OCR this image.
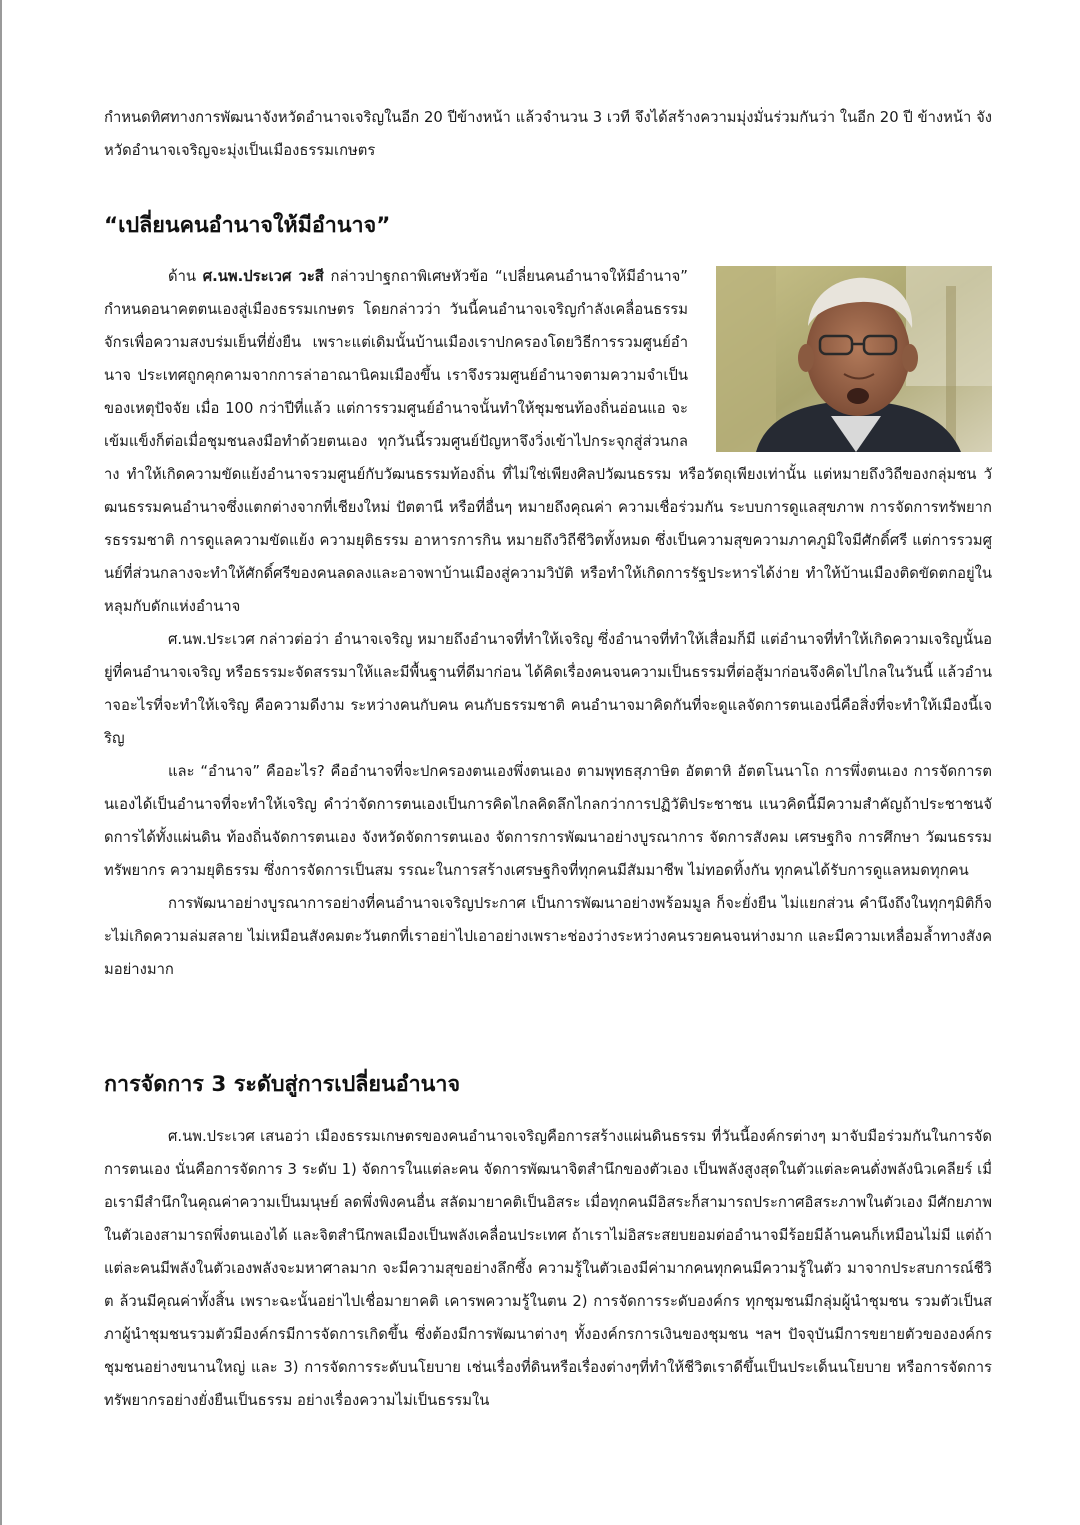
กำหนดทิศทางการพัฒนาจังหวัดอำนาจเจริญในอีก 20 ปีข้างหน้า แล้วจำนวน 3 เวที จึงได้สร้างความมุ่งมั่นร่วมกันว่า ในอีก 20 ปี ข้างหน้า จังหวัดอำนาจเจริญจะมุ่งเป็นเมืองธรรมเกษตร

“เปลี่ยนคนอำนาจให้มีอำนาจ”

ด้าน ศ.นพ.ประเวศ วะสี กล่าวปาฐกถาพิเศษหัวข้อ “เปลี่ยนคนอำนาจให้มีอำนาจ” กำหนดอนาคตตนเองสู่เมืองธรรมเกษตร โดยกล่าวว่า วันนี้คนอำนาจเจริญกำลังเคลื่อนธรรมจักรเพื่อความสงบร่มเย็นที่ยั่งยืน เพราะแต่เดิมนั้นบ้านเมืองเราปกครองโดยวิธีการรวมศูนย์อำนาจ ประเทศถูกคุกคามจากการล่าอาณานิคมเมืองขึ้น เราจึงรวมศูนย์อำนาจตามความจำเป็นของเหตุปัจจัย เมื่อ 100 กว่าปีที่แล้ว แต่การรวมศูนย์อำนาจนั้นทำให้ชุมชนท้องถิ่นอ่อนแอ จะเข้มแข็งก็ต่อเมื่อชุมชนลงมือทำด้วยตนเอง ทุกวันนี้รวมศูนย์ปัญหาจึงวิ่งเข้าไปกระจุกสู่ส่วนกลาง ทำให้เกิดความขัดแย้งอำนาจรวมศูนย์กับวัฒนธรรมท้องถิ่น ที่ไม่ใช่เพียงศิลปวัฒนธรรม หรือวัตถุเพียงเท่านั้น แต่หมายถึงวิถีของกลุ่มชน วัฒนธรรมคนอำนาจซึ่งแตกต่างจากที่เชียงใหม่ ปัตตานี หรือที่อื่นๆ หมายถึงคุณค่า ความเชื่อร่วมกัน ระบบการดูแลสุขภาพ การจัดการทรัพยากรธรรมชาติ การดูแลความขัดแย้ง ความยุติธรรม อาหารการกิน หมายถึงวิถีชีวิตทั้งหมด ซึ่งเป็นความสุขความภาคภูมิใจมีศักดิ์ศรี แต่การรวมศูนย์ที่ส่วนกลางจะทำให้ศักดิ์ศรีของคนลดลงและอาจพาบ้านเมืองสู่ความวิบัติ หรือทำให้เกิดการรัฐประหารได้ง่าย ทำให้บ้านเมืองติดขัดตกอยู่ในหลุมกับดักแห่งอำนาจ

ศ.นพ.ประเวศ กล่าวต่อว่า อำนาจเจริญ หมายถึงอำนาจที่ทำให้เจริญ ซึ่งอำนาจที่ทำให้เสื่อมก็มี แต่อำนาจที่ทำให้เกิดความเจริญนั้นอยู่ที่คนอำนาจเจริญ หรือธรรมะจัดสรรมาให้และมีพื้นฐานที่ดีมาก่อน ได้คิดเรื่องคนจนความเป็นธรรมที่ต่อสู้มาก่อนจึงคิดไปไกลในวันนี้ แล้วอำนาจอะไรที่จะทำให้เจริญ คือความดีงาม ระหว่างคนกับคน คนกับธรรมชาติ คนอำนาจมาคิดกันที่จะดูแลจัดการตนเองนี่คือสิ่งที่จะทำให้เมืองนี้เจริญ

และ “อำนาจ” คืออะไร? คืออำนาจที่จะปกครองตนเองพึ่งตนเอง ตามพุทธสุภาษิต อัตตาหิ อัตตโนนาโถ การพึ่งตนเอง การจัดการตนเองได้เป็นอำนาจที่จะทำให้เจริญ คำว่าจัดการตนเองเป็นการคิดไกลคิดลึกไกลกว่าการปฏิวัติประชาชน แนวคิดนี้มีความสำคัญถ้าประชาชนจัดการได้ทั้งแผ่นดิน ท้องถิ่นจัดการตนเอง จังหวัดจัดการตนเอง จัดการการพัฒนาอย่างบูรณาการ จัดการสังคม เศรษฐกิจ การศึกษา วัฒนธรรม ทรัพยากร ความยุติธรรม ซึ่งการจัดการเป็นสม รรณะในการสร้างเศรษฐกิจที่ทุกคนมีสัมมาชีพ ไม่ทอดทิ้งกัน ทุกคนได้รับการดูแลหมดทุกคน

การพัฒนาอย่างบูรณาการอย่างที่คนอำนาจเจริญประกาศ เป็นการพัฒนาอย่างพร้อมมูล ก็จะยั่งยืน ไม่แยกส่วน คำนึงถึงในทุกๆมิติก็จะไม่เกิดความล่มสลาย ไม่เหมือนสังคมตะวันตกที่เราอย่าไปเอาอย่างเพราะช่องว่างระหว่างคนรวยคนจนห่างมาก และมีความเหลื่อมล้ำทางสังคมอย่างมาก

การจัดการ 3 ระดับสู่การเปลี่ยนอำนาจ

ศ.นพ.ประเวศ เสนอว่า เมืองธรรมเกษตรของคนอำนาจเจริญคือการสร้างแผ่นดินธรรม ที่วันนี้องค์กรต่างๆ มาจับมือร่วมกันในการจัดการตนเอง นั่นคือการจัดการ 3 ระดับ 1) จัดการในแต่ละคน จัดการพัฒนาจิตสำนึกของตัวเอง เป็นพลังสูงสุดในตัวแต่ละคนดั่งพลังนิวเคลียร์ เมื่อเรามีสำนึกในคุณค่าความเป็นมนุษย์ ลดพึ่งพิงคนอื่น สลัดมายาคติเป็นอิสระ เมื่อทุกคนมีอิสระก็สามารถประกาศอิสระภาพในตัวเอง มีศักยภาพในตัวเองสามารถพึ่งตนเองได้ และจิตสำนึกพลเมืองเป็นพลังเคลื่อนประเทศ ถ้าเราไม่อิสระสยบยอมต่ออำนาจมีร้อยมีล้านคนก็เหมือนไม่มี แต่ถ้าแต่ละคนมีพลังในตัวเองพลังจะมหาศาลมาก จะมีความสุขอย่างลึกซึ้ง ความรู้ในตัวเองมีค่ามากคนทุกคนมีความรู้ในตัว มาจากประสบการณ์ชีวิต ล้วนมีคุณค่าทั้งสิ้น เพราะฉะนั้นอย่าไปเชื่อมายาคติ เคารพความรู้ในตน 2) การจัดการระดับองค์กร ทุกชุมชนมีกลุ่มผู้นำชุมชน รวมตัวเป็นสภาผู้นำชุมชนรวมตัวมีองค์กรมีการจัดการเกิดขึ้น ซึ่งต้องมีการพัฒนาต่างๆ ทั้งองค์กรการเงินของชุมชน ฯลฯ ปัจจุบันมีการขยายตัวขององค์กรชุมชนอย่างขนานใหญ่ และ 3) การจัดการระดับนโยบาย เช่นเรื่องที่ดินหรือเรื่องต่างๆที่ทำให้ชีวิตเราดีขึ้นเป็นประเด็นนโยบาย หรือการจัดการทรัพยากรอย่างยั่งยืนเป็นธรรม อย่างเรื่องความไม่เป็นธรรมใน
